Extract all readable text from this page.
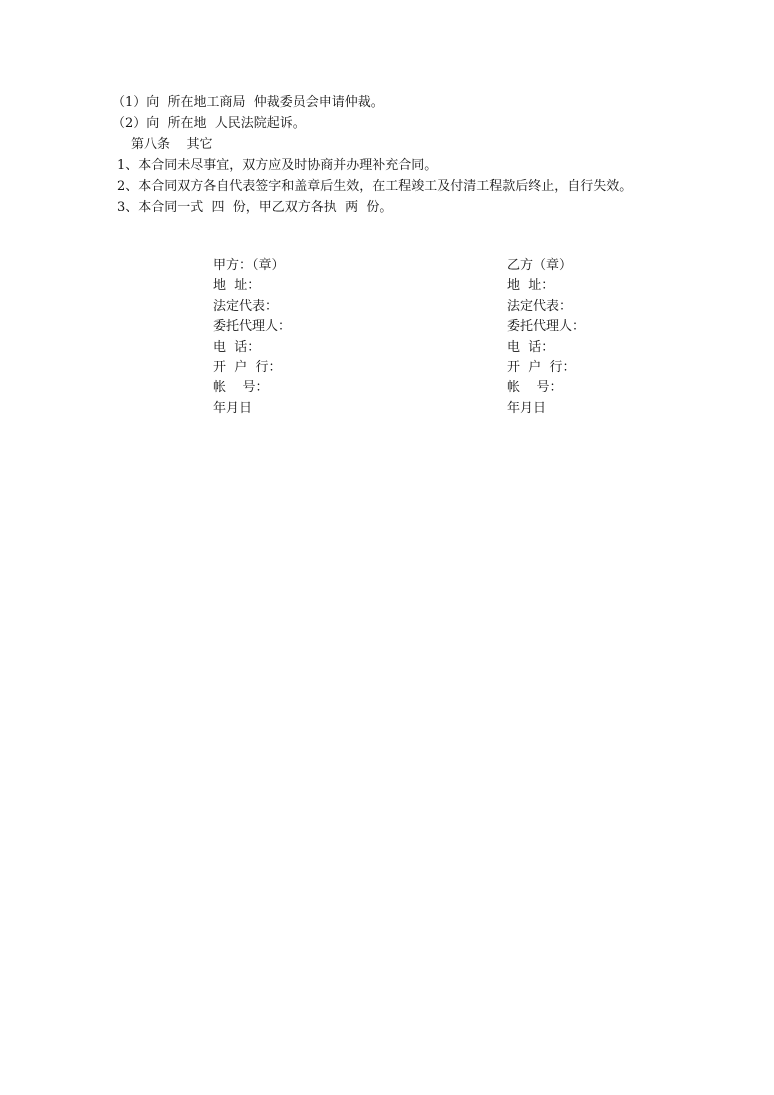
（1）向  所在地工商局  仲裁委员会申请仲裁。

（2）向  所在地  人民法院起诉。

第八条    其它

1、本合同未尽事宜，双方应及时协商并办理补充合同。

2、本合同双方各自代表签字和盖章后生效，在工程竣工及付清工程款后终止，自行失效。

3、本合同一式  四  份，甲乙双方各执  两  份。

甲方：（章）
地  址：
法定代表：
委托代理人：
电  话：
开  户  行：
帐    号：
年月日
乙方（章）
地  址：
法定代表：
委托代理人：
电  话：
开  户  行：
帐    号：
年月日
